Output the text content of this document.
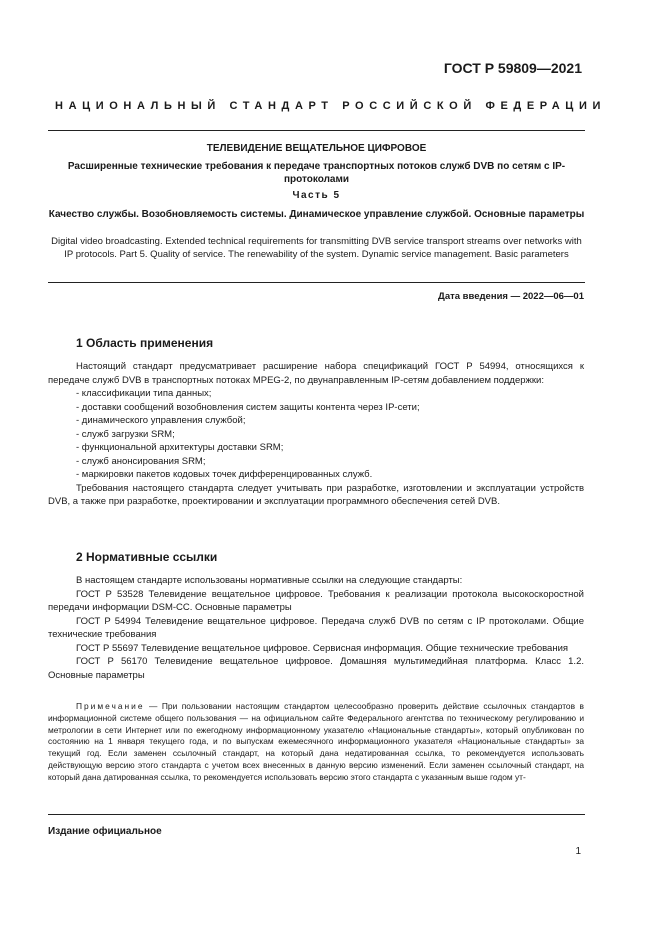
ГОСТ Р 59809—2021
НАЦИОНАЛЬНЫЙ СТАНДАРТ РОССИЙСКОЙ ФЕДЕРАЦИИ
ТЕЛЕВИДЕНИЕ ВЕЩАТЕЛЬНОЕ ЦИФРОВОЕ
Расширенные технические требования к передаче транспортных потоков служб DVB по сетям с IP-протоколами
Часть 5
Качество службы. Возобновляемость системы. Динамическое управление службой. Основные параметры
Digital video broadcasting. Extended technical requirements for transmitting DVB service transport streams over networks with IP protocols. Part 5. Quality of service. The renewability of the system. Dynamic service management. Basic parameters
Дата введения — 2022—06—01
1 Область применения

Настоящий стандарт предусматривает расширение набора спецификаций ГОСТ Р 54994, относящихся к передаче служб DVB в транспортных потоках MPEG-2, по двунаправленным IP-сетям добавлением поддержки:

- классификации типа данных;

- доставки сообщений возобновления систем защиты контента через IP-сети;

- динамического управления службой;

- служб загрузки SRM;

- функциональной архитектуры доставки SRM;

- служб анонсирования SRM;

- маркировки пакетов кодовых точек дифференцированных служб.

Требования настоящего стандарта следует учитывать при разработке, изготовлении и эксплуатации устройств DVB, а также при разработке, проектировании и эксплуатации программного обеспечения сетей DVB.

2 Нормативные ссылки

В настоящем стандарте использованы нормативные ссылки на следующие стандарты:

ГОСТ Р 53528 Телевидение вещательное цифровое. Требования к реализации протокола высокоскоростной передачи информации DSM-CC. Основные параметры

ГОСТ Р 54994 Телевидение вещательное цифровое. Передача служб DVB по сетям с IP протоколами. Общие технические требования

ГОСТ Р 55697 Телевидение вещательное цифровое. Сервисная информация. Общие технические требования

ГОСТ Р 56170 Телевидение вещательное цифровое. Домашняя мультимедийная платформа. Класс 1.2. Основные параметры

Примечание — При пользовании настоящим стандартом целесообразно проверить действие ссылочных стандартов в информационной системе общего пользования — на официальном сайте Федерального агентства по техническому регулированию и метрологии в сети Интернет или по ежегодному информационному указателю «Национальные стандарты», который опубликован по состоянию на 1 января текущего года, и по выпускам ежемесячного информационного указателя «Национальные стандарты» за текущий год. Если заменен ссылочный стандарт, на который дана недатированная ссылка, то рекомендуется использовать действующую версию этого стандарта с учетом всех внесенных в данную версию изменений. Если заменен ссылочный стандарт, на который дана датированная ссылка, то рекомендуется использовать версию этого стандарта с указанным выше годом ут-

Издание официальное
1
